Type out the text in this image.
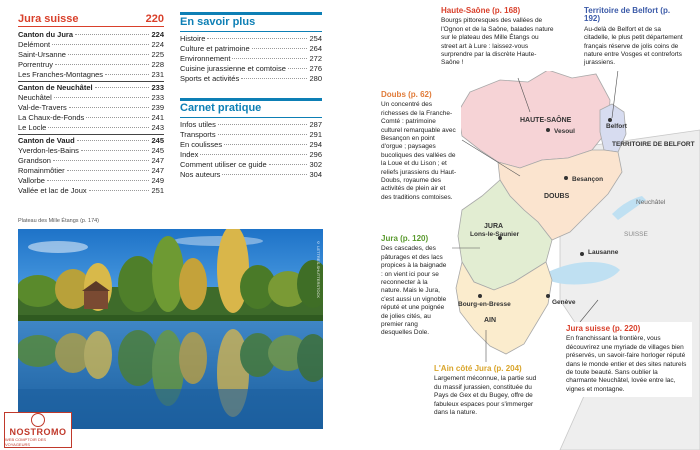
Jura suisse	220
Canton du Jura	224
Delémont	224
Saint-Ursanne	225
Porrentruy	228
Les Franches-Montagnes	231
Canton de Neuchâtel	233
Neuchâtel	233
Val-de-Travers	239
La Chaux-de-Fonds	241
Le Locle	243
Canton de Vaud	245
Yverdon-les-Bains	245
Grandson	247
Romainmôtier	247
Vallorbe	249
Vallée et lac de Joux	251
En savoir plus
Histoire	254
Culture et patrimoine	264
Environnement	272
Cuisine jurassienne et comtoise	276
Sports et activités	280
Carnet pratique
Infos utiles	287
Transports	291
En coulisses	294
Index	296
Comment utiliser ce guide	302
Nos auteurs	304
Plateau des Mille Étangs (p. 174)
© LETTRES-SHUTTERSTOCK
NOSTROMO
WEB COMPTOIR DES VOYAGEURS
HAUTE-SAÔNE
DOUBS
JURA
AIN
TERRITOIRE DE BELFORT
SUISSE
Vesoul
Besançon
Belfort
Lons-le-Saunier
Bourg-en-Bresse	Genève
Lausanne
Neuchâtel
Haute-Saône (p. 168)
Bourgs pittoresques des vallées de l'Ognon et de la Saône, balades nature sur le plateau des Mille Étangs ou street art à Lure : laissez-vous surprendre par la discrète Haute-Saône !
Territoire de Belfort (p. 192)
Au-delà de Belfort et de sa citadelle, le plus petit département français réserve de jolis coins de nature entre Vosges et contreforts jurassiens.
Doubs (p. 62)
Un concentré des richesses de la Franche-Comté : patrimoine culturel remarquable avec Besançon en point d'orgue ; paysages bucoliques des vallées de la Loue et du Lison ; et reliefs jurassiens du Haut-Doubs, royaume des activités de plein air et des traditions comtoises.
Jura (p. 120)
Des cascades, des pâturages et des lacs propices à la baignade : on vient ici pour se reconnecter à la nature. Mais le Jura, c'est aussi un vignoble réputé et une poignée de jolies cités, au premier rang desquelles Dole.
L'Ain côté Jura (p. 204)
Largement méconnue, la partie sud du massif jurassien, constituée du Pays de Gex et du Bugey, offre de fabuleux espaces pour s'immerger dans la nature.
Jura suisse (p. 220)
En franchissant la frontière, vous découvrirez une myriade de villages bien préservés, un savoir-faire horloger réputé dans le monde entier et des sites naturels de toute beauté. Sans oublier la charmante Neuchâtel, lovée entre lac, vignes et montagne.
